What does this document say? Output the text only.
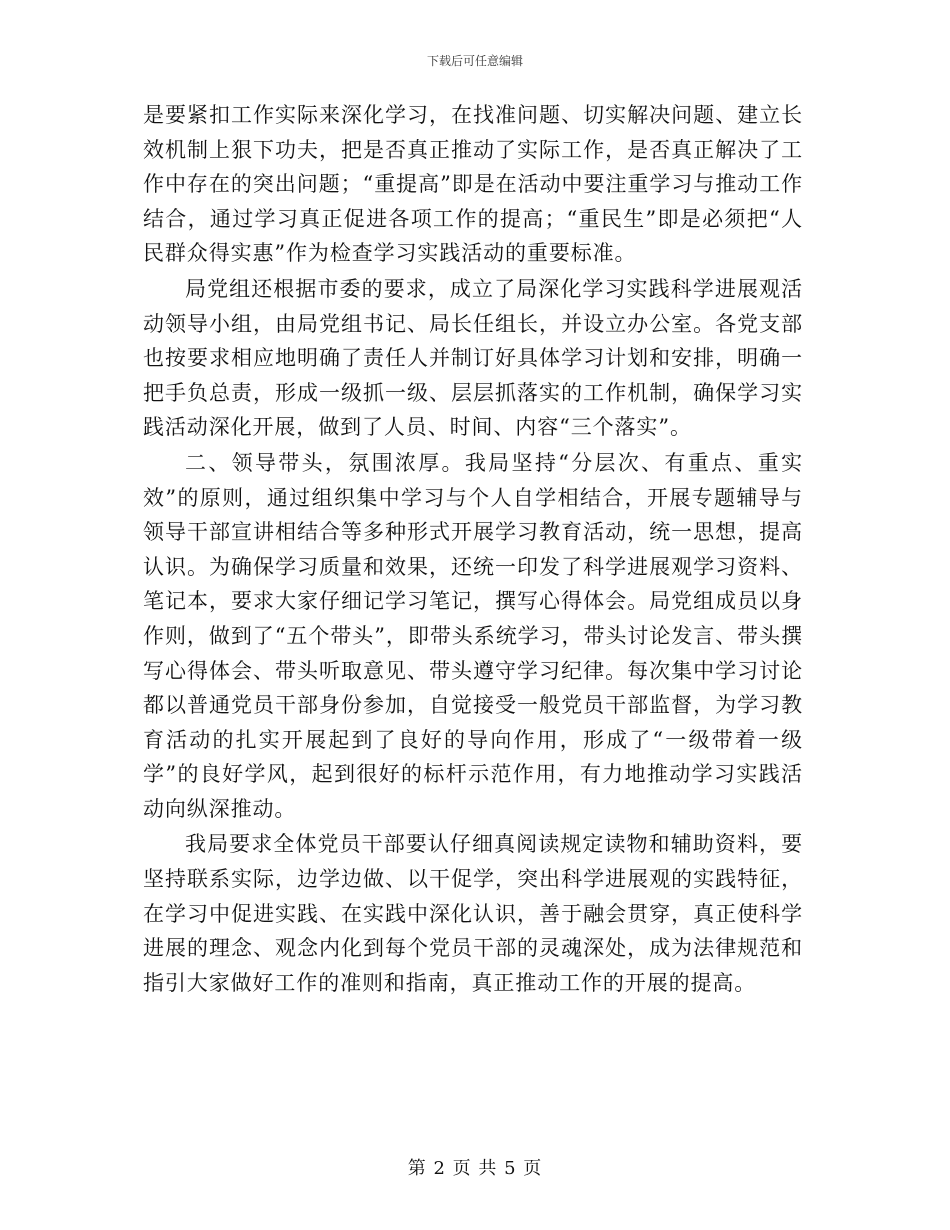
下载后可任意编辑

是要紧扣工作实际来深化学习，在找准问题、切实解决问题、建立长效机制上狠下功夫，把是否真正推动了实际工作，是否真正解决了工作中存在的突出问题；“重提高”即是在活动中要注重学习与推动工作结合，通过学习真正促进各项工作的提高；“重民生”即是必须把“人民群众得实惠”作为检查学习实践活动的重要标准。

局党组还根据市委的要求，成立了局深化学习实践科学进展观活动领导小组，由局党组书记、局长任组长，并设立办公室。各党支部也按要求相应地明确了责任人并制订好具体学习计划和安排，明确一把手负总责，形成一级抓一级、层层抓落实的工作机制，确保学习实践活动深化开展，做到了人员、时间、内容“三个落实”。

二、领导带头，氛围浓厚。我局坚持“分层次、有重点、重实效”的原则，通过组织集中学习与个人自学相结合，开展专题辅导与领导干部宣讲相结合等多种形式开展学习教育活动，统一思想，提高认识。为确保学习质量和效果，还统一印发了科学进展观学习资料、笔记本，要求大家仔细记学习笔记，撰写心得体会。局党组成员以身作则，做到了“五个带头”，即带头系统学习，带头讨论发言、带头撰写心得体会、带头听取意见、带头遵守学习纪律。每次集中学习讨论都以普通党员干部身份参加，自觉接受一般党员干部监督，为学习教育活动的扎实开展起到了良好的导向作用，形成了“一级带着一级学”的良好学风，起到很好的标杆示范作用，有力地推动学习实践活动向纵深推动。

我局要求全体党员干部要认仔细真阅读规定读物和辅助资料，要坚持联系实际，边学边做、以干促学，突出科学进展观的实践特征，在学习中促进实践、在实践中深化认识，善于融会贯穿，真正使科学进展的理念、观念内化到每个党员干部的灵魂深处，成为法律规范和指引大家做好工作的准则和指南，真正推动工作的开展的提高。

第 2 页 共 5 页
